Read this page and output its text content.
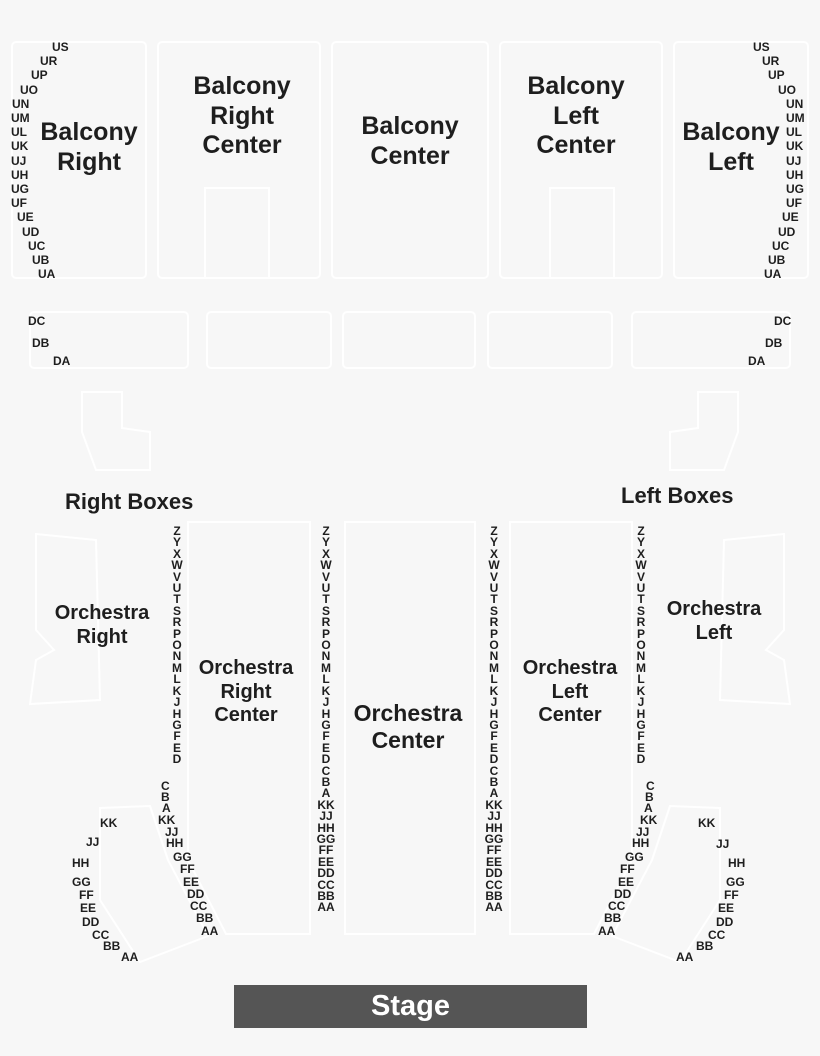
Balcony
Right
Balcony
Right
Center
Balcony
Center
Balcony
Left
Center	Balcony
Left
Right Boxes	Left Boxes
Orchestra
Right
Orchestra
Right
Center	Orchestra
Center
Orchestra
Left
Center
Orchestra
Left
Stage
US
UR
UP
UO
UN
UM
UL
UK
UJ
UH
UG
UF
UE
UD
UC
UB
UA
US
UR
UP
UO
UN
UM
UL
UK
UJ
UH
UG
UF
UE
UD
UC
UB
UA
DC
DB
DA
DC
DB
DA
Z
Y
X
W
V
U
T
S
R
P
O
N
M
L
K
J
H
G
F
E
D
Z
Y
X
W
V
U
T
S
R
P
O
N
M
L
K
J
H
G
F
E
D
C
B
A
KK
JJ
HH
GG
FF
EE
DD
CC
BB
AA
Z
Y
X
W
V
U
T
S
R
P
O
N
M
L
K
J
H
G
F
E
D
C
B
A
KK
JJ
HH
GG
FF
EE
DD
CC
BB
AA
Z
Y
X
W
V
U
T
S
R
P
O
N
M
L
K
J
H
G
F
E
D
C
B
A
KK
JJ
HH
GG
FF
EE
DD
CC
BB
AA
C
B
A
KK
JJ
HH
GG
FF
EE
DD
CC
BB
AA
KK
JJ
HH
GG
FF
EE
DD
CC
BB
AA
KK
JJ
HH
GG
FF
EE
DD
CC
BB
AA
